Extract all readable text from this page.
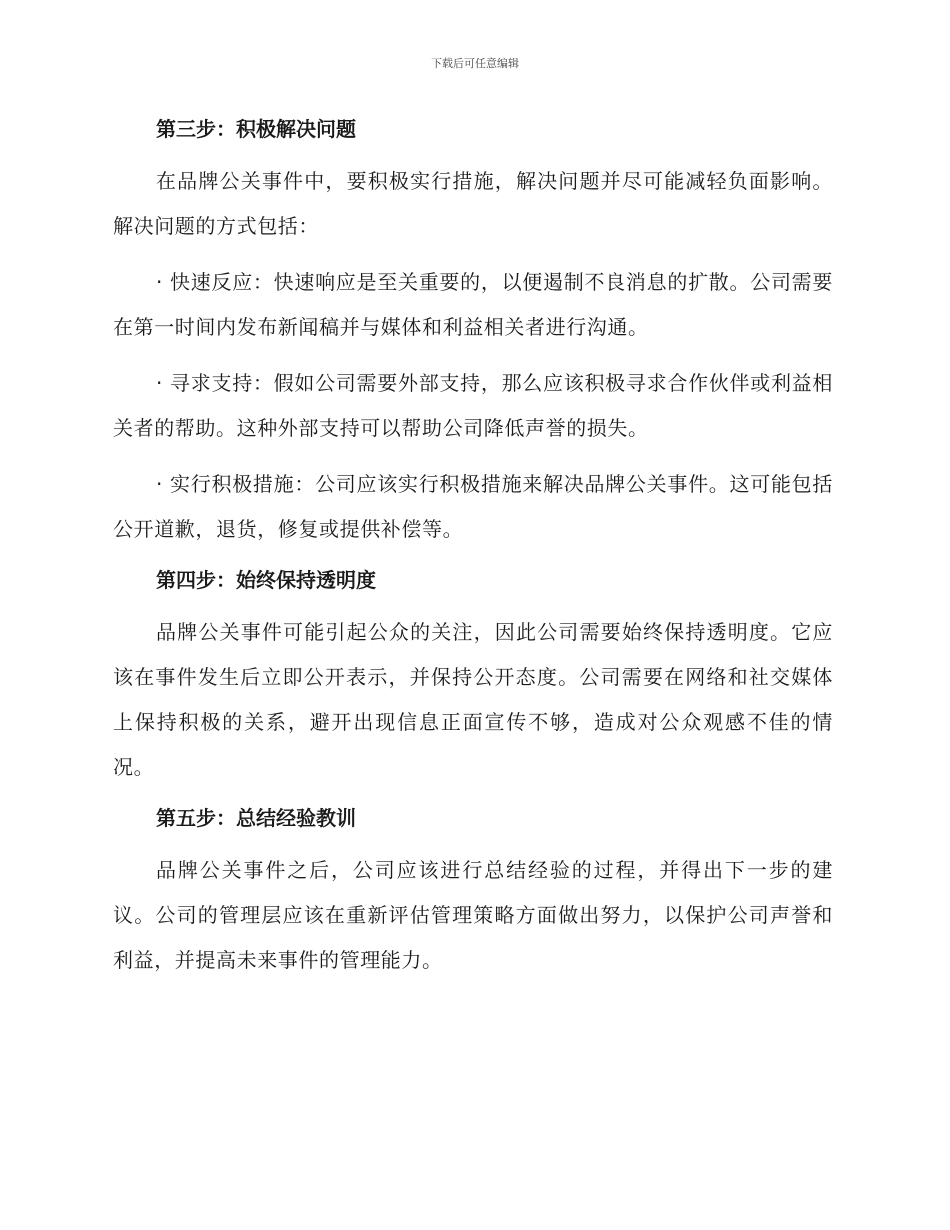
下载后可任意编辑
第三步：积极解决问题

在品牌公关事件中，要积极实行措施，解决问题并尽可能减轻负面影响。解决问题的方式包括：

· 快速反应：快速响应是至关重要的，以便遏制不良消息的扩散。公司需要在第一时间内发布新闻稿并与媒体和利益相关者进行沟通。

· 寻求支持：假如公司需要外部支持，那么应该积极寻求合作伙伴或利益相关者的帮助。这种外部支持可以帮助公司降低声誉的损失。

· 实行积极措施：公司应该实行积极措施来解决品牌公关事件。这可能包括公开道歉，退货，修复或提供补偿等。

第四步：始终保持透明度

品牌公关事件可能引起公众的关注，因此公司需要始终保持透明度。它应该在事件发生后立即公开表示，并保持公开态度。公司需要在网络和社交媒体上保持积极的关系，避开出现信息正面宣传不够，造成对公众观感不佳的情况。

第五步：总结经验教训

品牌公关事件之后，公司应该进行总结经验的过程，并得出下一步的建议。公司的管理层应该在重新评估管理策略方面做出努力，以保护公司声誉和利益，并提高未来事件的管理能力。
